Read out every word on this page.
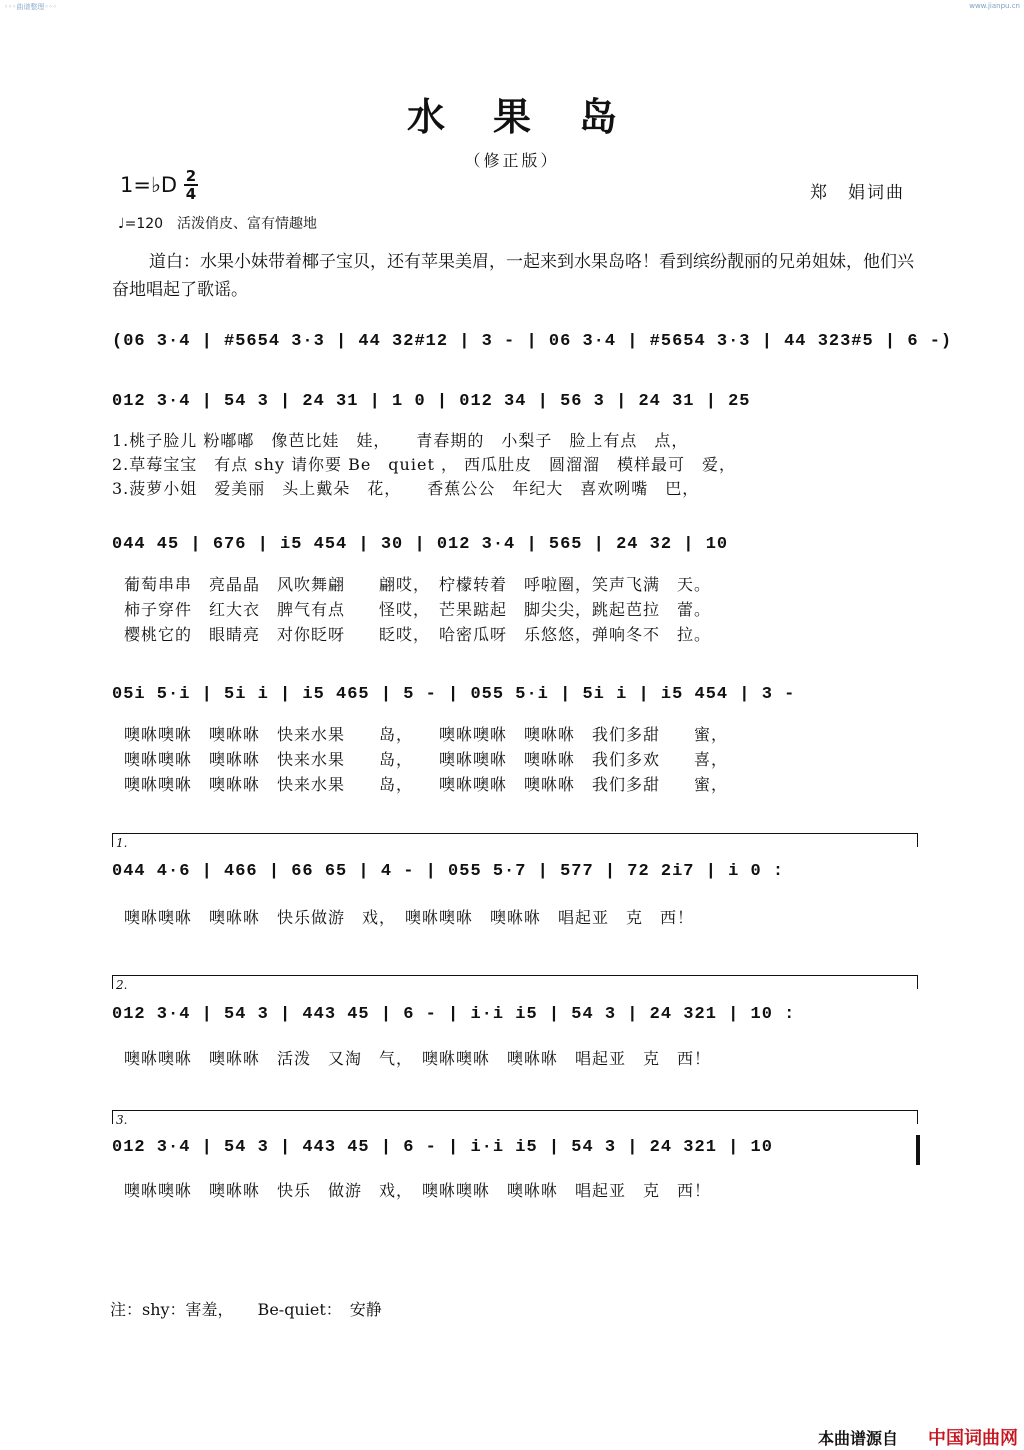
◦◦◦曲谱整理◦◦◦	www.jianpu.cn
水果岛
（修正版）
1=♭D 2
4	郑　娟词曲
♩=120　活泼俏皮、富有情趣地
道白：水果小妹带着椰子宝贝，还有苹果美眉，一起来到水果岛咯！看到缤纷靓丽的兄弟姐妹，他们兴奋地唱起了歌谣。
(06 3·4 | #5654 3·3 | 44 32#12 | 3 - | 06 3·4 | #5654 3·3 | 44 323#5 | 6 -)
012 3·4 | 54 3 | 24 31 | 1 0 | 012 34 | 56 3 | 24 31 | 25
1.桃子脸儿 粉嘟嘟　像芭比娃　娃，　　青春期的　小梨子　脸上有点　点，
2.草莓宝宝　有点 shy 请你要 Be　quiet ， 西瓜肚皮　圆溜溜　模样最可　爱，
3.菠萝小姐　爱美丽　头上戴朵　花，　　香蕉公公　年纪大　喜欢咧嘴　巴，
044 45 | 676 | i5 454 | 30 | 012 3·4 | 565 | 24 32 | 10
葡萄串串　亮晶晶　风吹舞翩　　翩哎，　柠檬转着　呼啦圈，笑声飞满　天。
柿子穿件　红大衣　脾气有点　　怪哎，　芒果踮起　脚尖尖，跳起芭拉　蕾。
樱桃它的　眼睛亮　对你眨呀　　眨哎，　哈密瓜呀　乐悠悠，弹响冬不　拉。
05i 5·i | 5i i | i5 465 | 5 - | 055 5·i | 5i i | i5 454 | 3 -
噢咻噢咻　噢咻咻　快来水果　　岛，　　噢咻噢咻　噢咻咻　我们多甜　　蜜，
噢咻噢咻　噢咻咻　快来水果　　岛，　　噢咻噢咻　噢咻咻　我们多欢　　喜，
噢咻噢咻　噢咻咻　快来水果　　岛，　　噢咻噢咻　噢咻咻　我们多甜　　蜜，
1.
044 4·6 | 466 | 66 65 | 4 - | 055 5·7 | 577 | 72 2i7 | i 0 :
噢咻噢咻　噢咻咻　快乐做游　戏，　噢咻噢咻　噢咻咻　唱起亚　克　西！
2.
012 3·4 | 54 3 | 443 45 | 6 - | i·i i5 | 54 3 | 24 321 | 10 :
噢咻噢咻　噢咻咻　活泼　又淘　气，　噢咻噢咻　噢咻咻　唱起亚　克　西！
3.
012 3·4 | 54 3 | 443 45 | 6 - | i·i i5 | 54 3 | 24 321 | 10
噢咻噢咻　噢咻咻　快乐　做游　戏，　噢咻噢咻　噢咻咻　唱起亚　克　西！
注：shy：害羞，　　Be-quiet：　安静
本曲谱源自 中国词曲网
